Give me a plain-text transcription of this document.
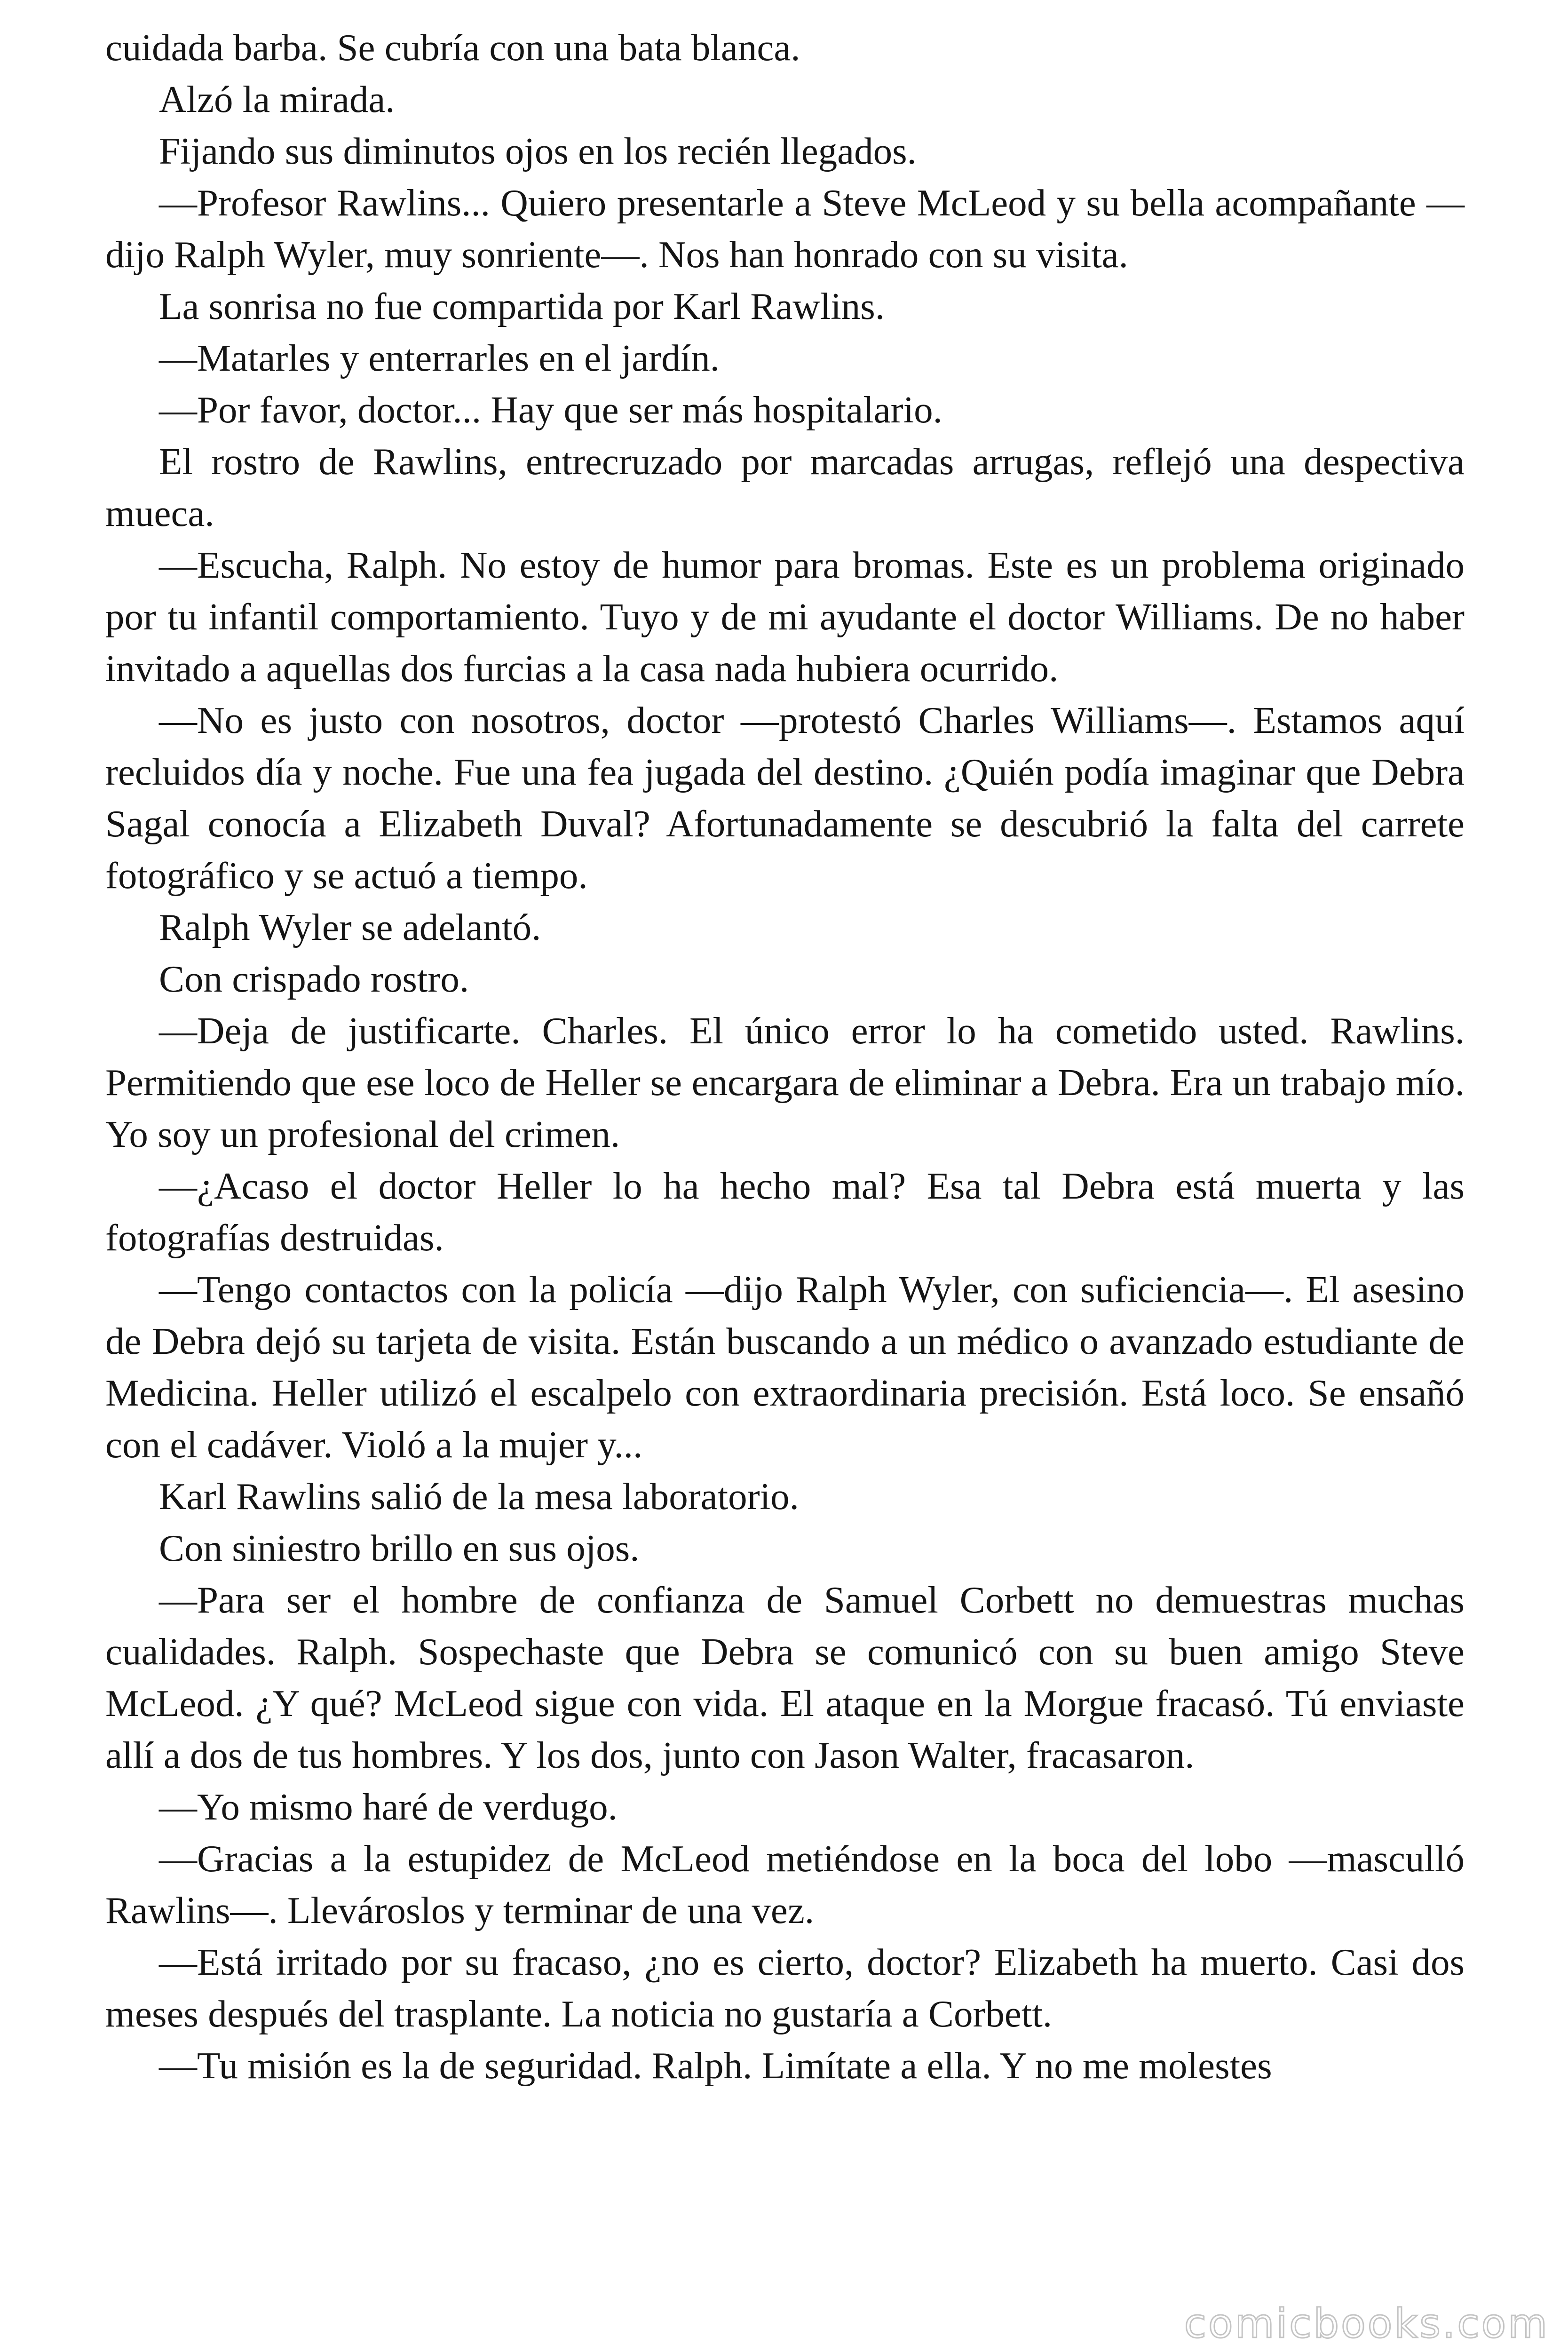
cuidada barba. Se cubría con una bata blanca.

Alzó la mirada.

Fijando sus diminutos ojos en los recién llegados.

—Profesor Rawlins... Quiero presentarle a Steve McLeod y su bella acompañante —dijo Ralph Wyler, muy sonriente—. Nos han honrado con su visita.

La sonrisa no fue compartida por Karl Rawlins.

—Matarles y enterrarles en el jardín.

—Por favor, doctor... Hay que ser más hospitalario.

El rostro de Rawlins, entrecruzado por marcadas arrugas, reflejó una despectiva mueca.

—Escucha, Ralph. No estoy de humor para bromas. Este es un problema originado por tu infantil comportamiento. Tuyo y de mi ayudante el doctor Williams. De no haber invitado a aquellas dos furcias a la casa nada hubiera ocurrido.

—No es justo con nosotros, doctor —protestó Charles Williams—. Estamos aquí recluidos día y noche. Fue una fea jugada del destino. ¿Quién podía imaginar que Debra Sagal conocía a Elizabeth Duval? Afortunadamente se descubrió la falta del carrete fotográfico y se actuó a tiempo.

Ralph Wyler se adelantó.

Con crispado rostro.

—Deja de justificarte. Charles. El único error lo ha cometido usted. Rawlins. Permitiendo que ese loco de Heller se encargara de eliminar a Debra. Era un trabajo mío. Yo soy un profesional del crimen.

—¿Acaso el doctor Heller lo ha hecho mal? Esa tal Debra está muerta y las fotografías destruidas.

—Tengo contactos con la policía —dijo Ralph Wyler, con suficiencia—. El asesino de Debra dejó su tarjeta de visita. Están buscando a un médico o avanzado estudiante de Medicina. Heller utilizó el escalpelo con extraordinaria precisión. Está loco. Se ensañó con el cadáver. Violó a la mujer y...

Karl Rawlins salió de la mesa laboratorio.

Con siniestro brillo en sus ojos.

—Para ser el hombre de confianza de Samuel Corbett no demuestras muchas cualidades. Ralph. Sospechaste que Debra se comunicó con su buen amigo Steve McLeod. ¿Y qué? McLeod sigue con vida. El ataque en la Morgue fracasó. Tú enviaste allí a dos de tus hombres. Y los dos, junto con Jason Walter, fracasaron.

—Yo mismo haré de verdugo.

—Gracias a la estupidez de McLeod metiéndose en la boca del lobo —masculló Rawlins—. Llevároslos y terminar de una vez.

—Está irritado por su fracaso, ¿no es cierto, doctor? Elizabeth ha muerto. Casi dos meses después del trasplante. La noticia no gustaría a Corbett.

—Tu misión es la de seguridad. Ralph. Limítate a ella. Y no me molestes

comicbooks.com
